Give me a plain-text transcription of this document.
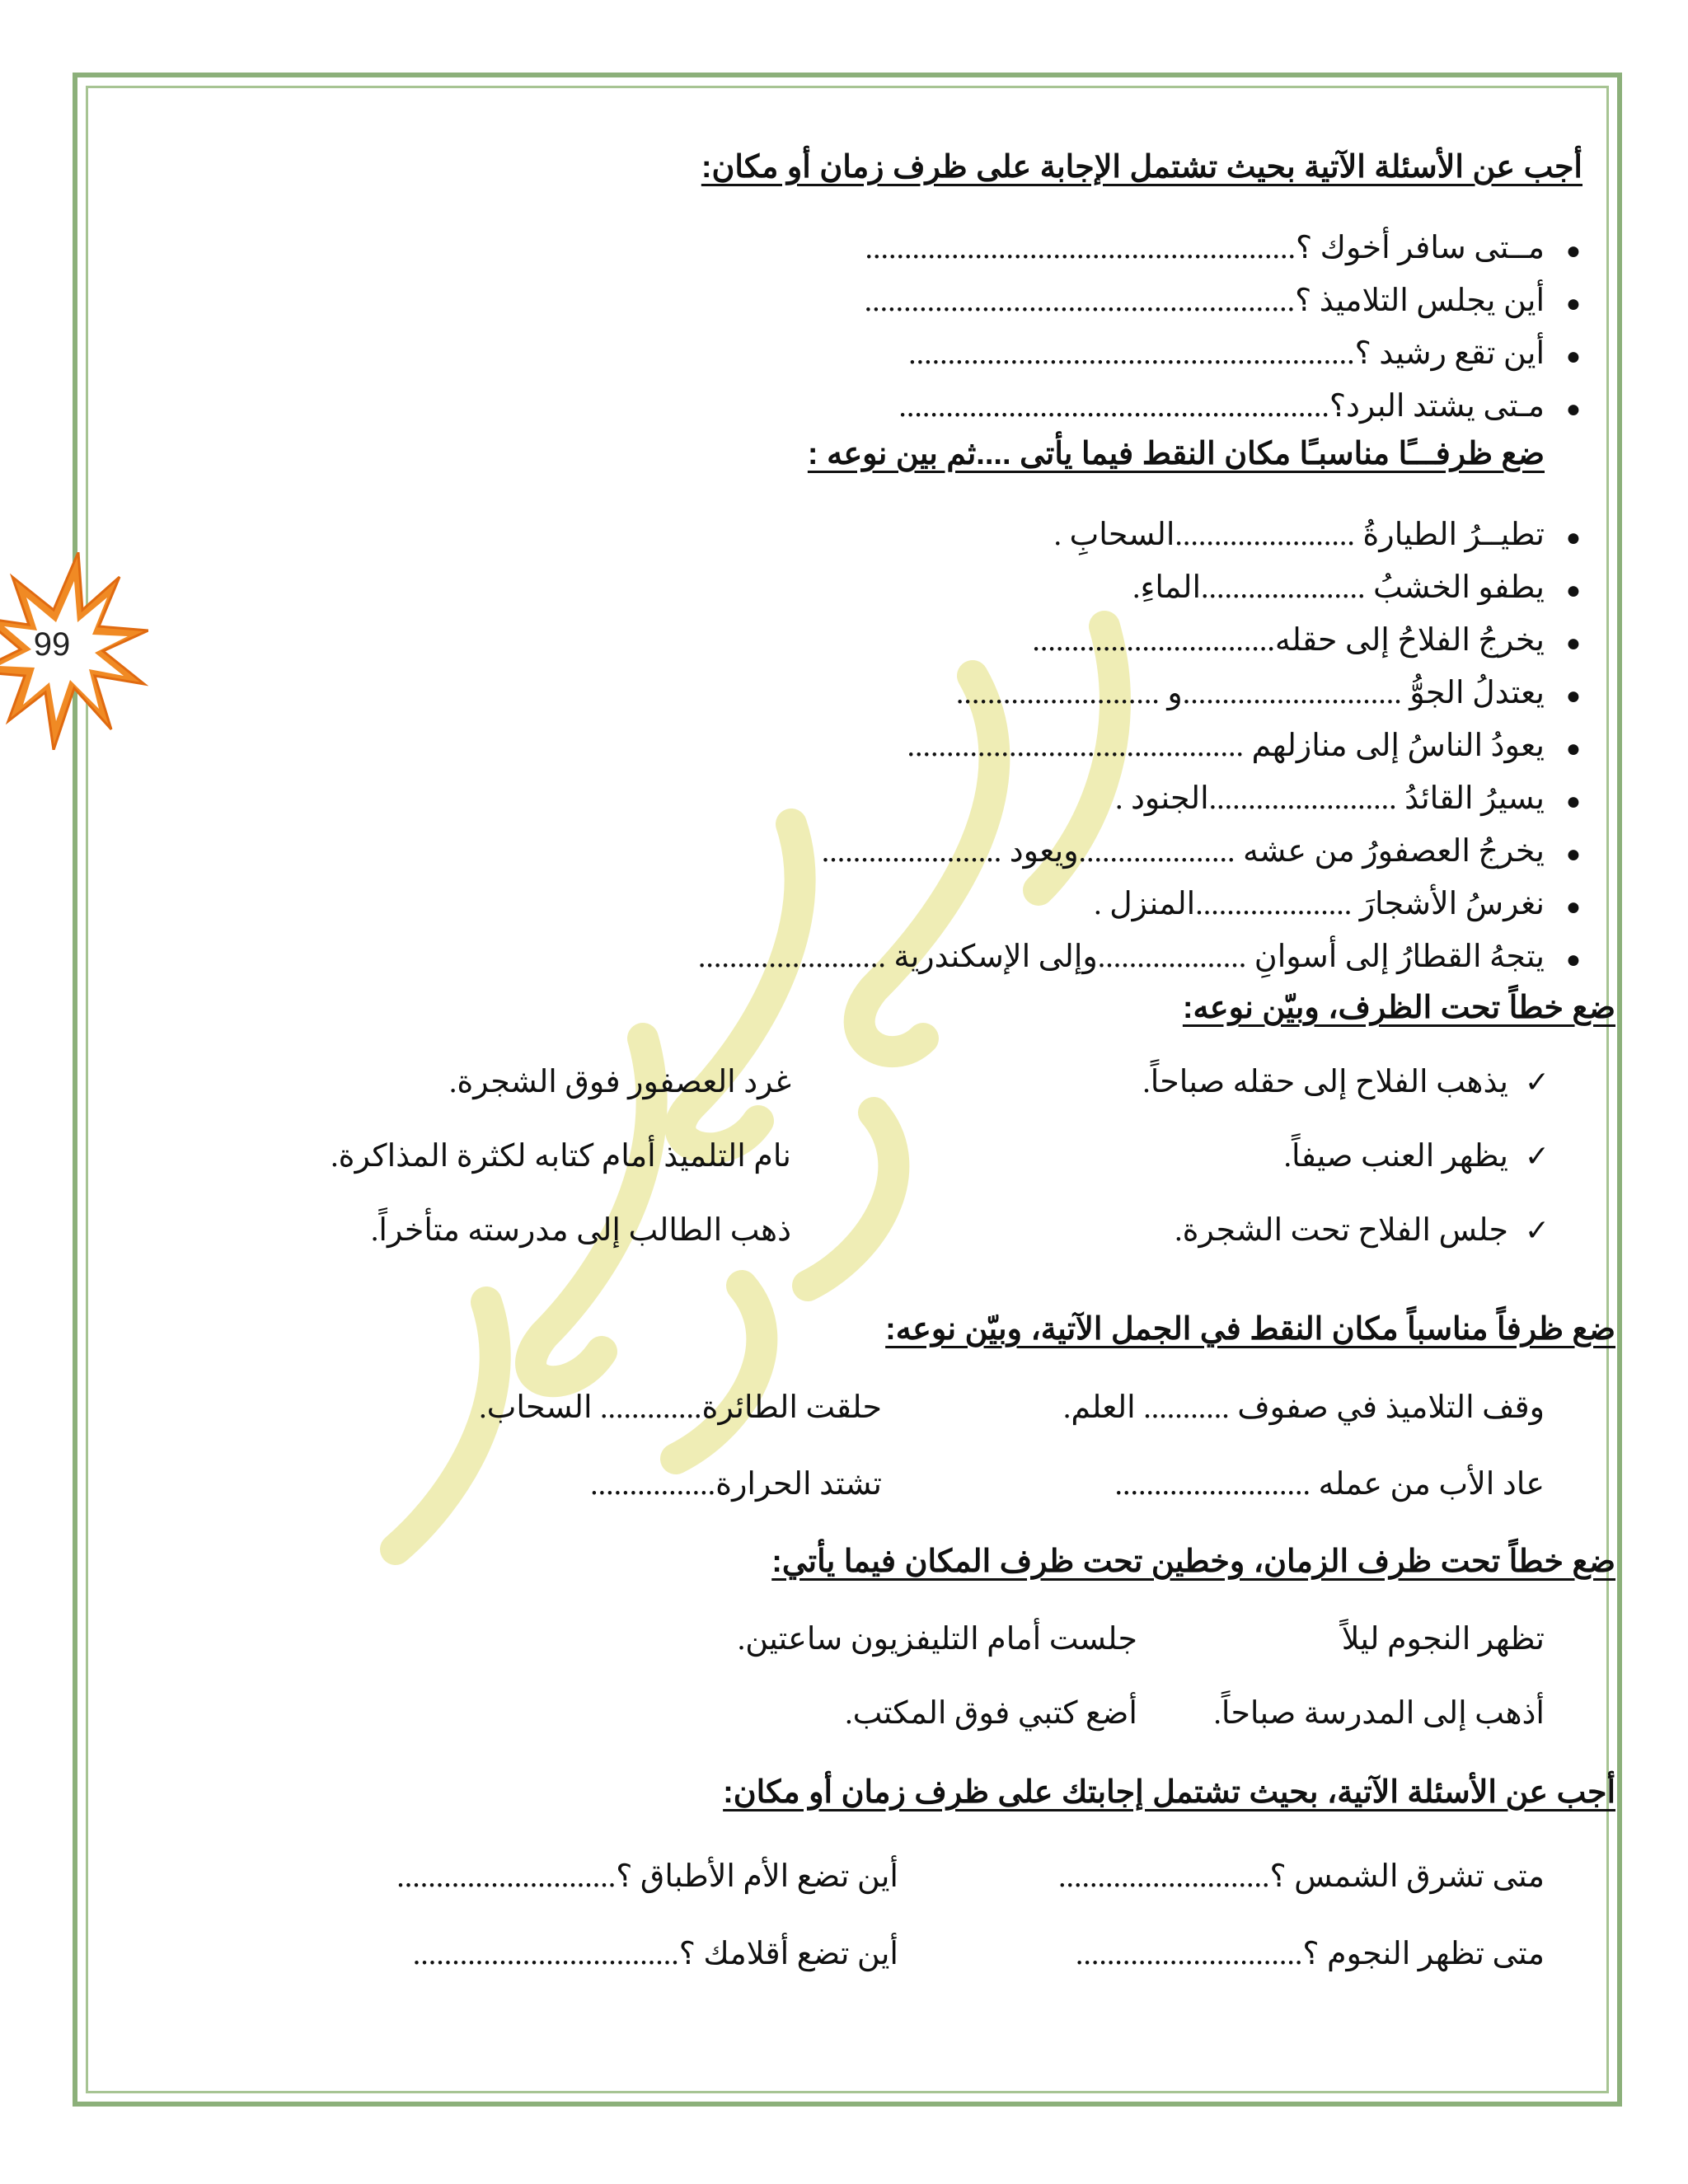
99
أجب عن الأسئلة الآتية بحيث تشتمل الإجابة على ظرف زمان أو مكان:
●
مــتى سافر أخوك ؟.......................................................
●
أين يجلس التلاميذ ؟.......................................................
●
أين تقع رشيد ؟.........................................................
●
مـتى يشتد البرد؟.......................................................
ضع ظرفـــًا مناسبـًا مكان النقط فيما يأتى ....ثم بين نوعه :
●
تطيــرُ الطيارةُ .......................السحابِ .
●
يطفو الخشبُ .....................الماءِ.
●
يخرجُ الفلاحُ إلى حقله...............................
●
يعتدلُ الجوُّ ............................و ..........................
●
يعودُ الناسُ إلى منازلهم ...........................................
●
يسيرُ القائدُ ........................الجنود .
●
يخرجُ العصفورُ من عشه ....................ويعود .......................
●
نغرسُ الأشجارَ ....................المنزل .
●
يتجهُ القطارُ إلى أسوانِ ...................وإلى الإسكندرية ........................
ضع خطاً تحت الظرف، وبيّن نوعه:
✓
يذهب الفلاح إلى حقله صباحاً.
غرد العصفور فوق الشجرة.
✓
يظهر العنب صيفاً.
نام التلميذ أمام كتابه لكثرة المذاكرة.
✓
جلس الفلاح تحت الشجرة.
ذهب الطالب إلى مدرسته متأخراً.
ضع ظرفاً مناسباً مكان النقط في الجمل الآتية، وبيّن نوعه:
وقف التلاميذ في صفوف ........... العلم.
حلقت الطائرة............. السحاب.
عاد الأب من عمله .........................
تشتد الحرارة................
ضع خطاً تحت ظرف الزمان، وخطين تحت ظرف المكان فيما يأتي:
تظهر النجوم ليلاً
جلست أمام التليفزيون ساعتين.
أذهب إلى المدرسة صباحاً.
أضع كتبي فوق المكتب.
أجب عن الأسئلة الآتية، بحيث تشتمل إجابتك على ظرف زمان أو مكان:
متى تشرق الشمس ؟...........................
أين تضع الأم الأطباق ؟............................
متى تظهر النجوم ؟.............................
أين تضع أقلامك ؟..................................
